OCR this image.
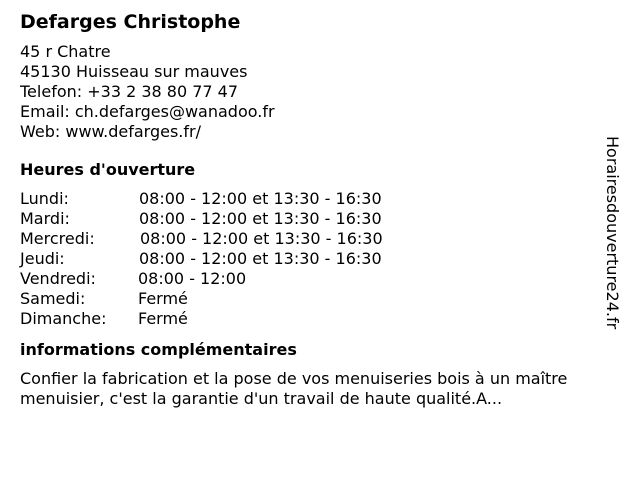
Defarges Christophe
45 r Chatre
45130 Huisseau sur mauves
Telefon: +33 2 38 80 77 47
Email: ch.defarges@wanadoo.fr
Web: www.defarges.fr/
Heures d'ouverture
Lundi:	08:00 - 12:00 et 13:30 - 16:30
Mardi:	08:00 - 12:00 et 13:30 - 16:30
Mercredi:	08:00 - 12:00 et 13:30 - 16:30
Jeudi:	08:00 - 12:00 et 13:30 - 16:30
Vendredi:	08:00 - 12:00
Samedi:	Fermé
Dimanche: Fermé
informations complémentaires

Confier la fabrication et la pose de vos menuiseries bois à un maître menuisier, c'est la garantie d'un travail de haute qualité.A...

Horairesdouverture24.fr
